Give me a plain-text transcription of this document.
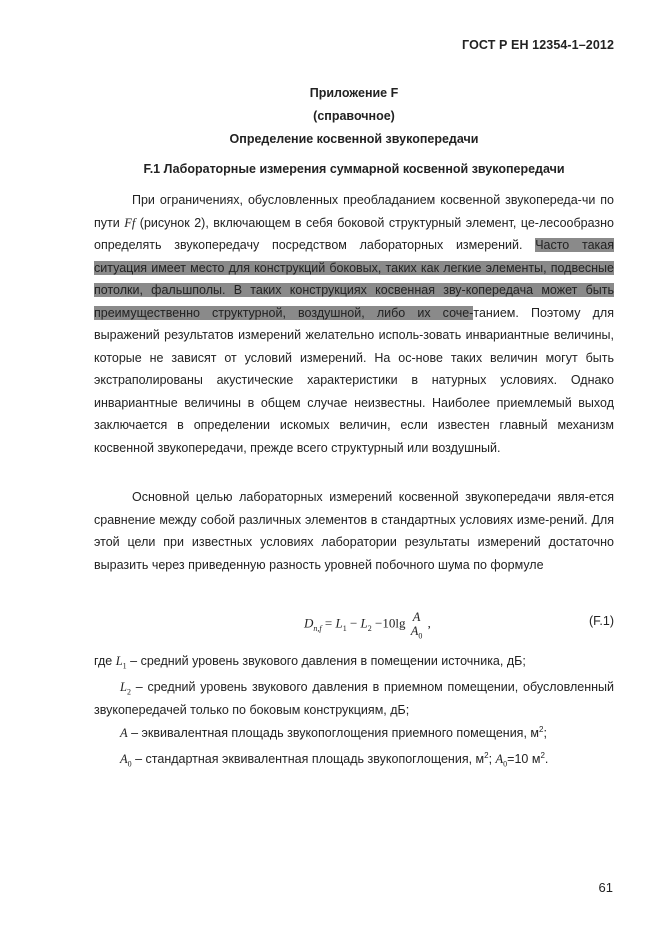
ГОСТ Р ЕН 12354-1–2012
Приложение F
(справочное)
Определение косвенной звукопередачи
F.1 Лабораторные измерения суммарной косвенной звукопередачи

При ограничениях, обусловленных преобладанием косвенной звукопереда-чи по пути Ff (рисунок 2), включающем в себя боковой структурный элемент, це-лесообразно определять звукопередачу посредством лабораторных измерений. Часто такая ситуация имеет место для конструкций боковых, таких как легкие элементы, подвесные потолки, фальшполы. В таких конструкциях косвенная зву-копередача может быть преимущественно структурной, воздушной, либо их соче-танием. Поэтому для выражений результатов измерений желательно исполь-зовать инвариантные величины, которые не зависят от условий измерений. На ос-нове таких величин могут быть экстраполированы акустические характеристики в натурных условиях. Однако инвариантные величины в общем случае неизвестны. Наиболее приемлемый выход заключается в определении искомых величин, если известен главный механизм косвенной звукопередачи, прежде всего структурный или воздушный.

Основной целью лабораторных измерений косвенной звукопередачи явля-ется сравнение между собой различных элементов в стандартных условиях изме-рений. Для этой цели при известных условиях лаборатории результаты измерений достаточно выразить через приведенную разность уровней побочного шума по формуле

$D_{n,f} = L_1 - L_2 -10\lg$ A
$A_0$
,	(F.1)
где $L_1$ – средний уровень звукового давления в помещении источника, дБ;
$L_2$ – средний уровень звукового давления в приемном помещении, обусловленный звукопередачей только по боковым конструкциям, дБ;
A – эквивалентная площадь звукопоглощения приемного помещения, $м^2$;
$A_0$ – стандартная эквивалентная площадь звукопоглощения, $м^2$; $A_0=10$ $м^2$.
61
